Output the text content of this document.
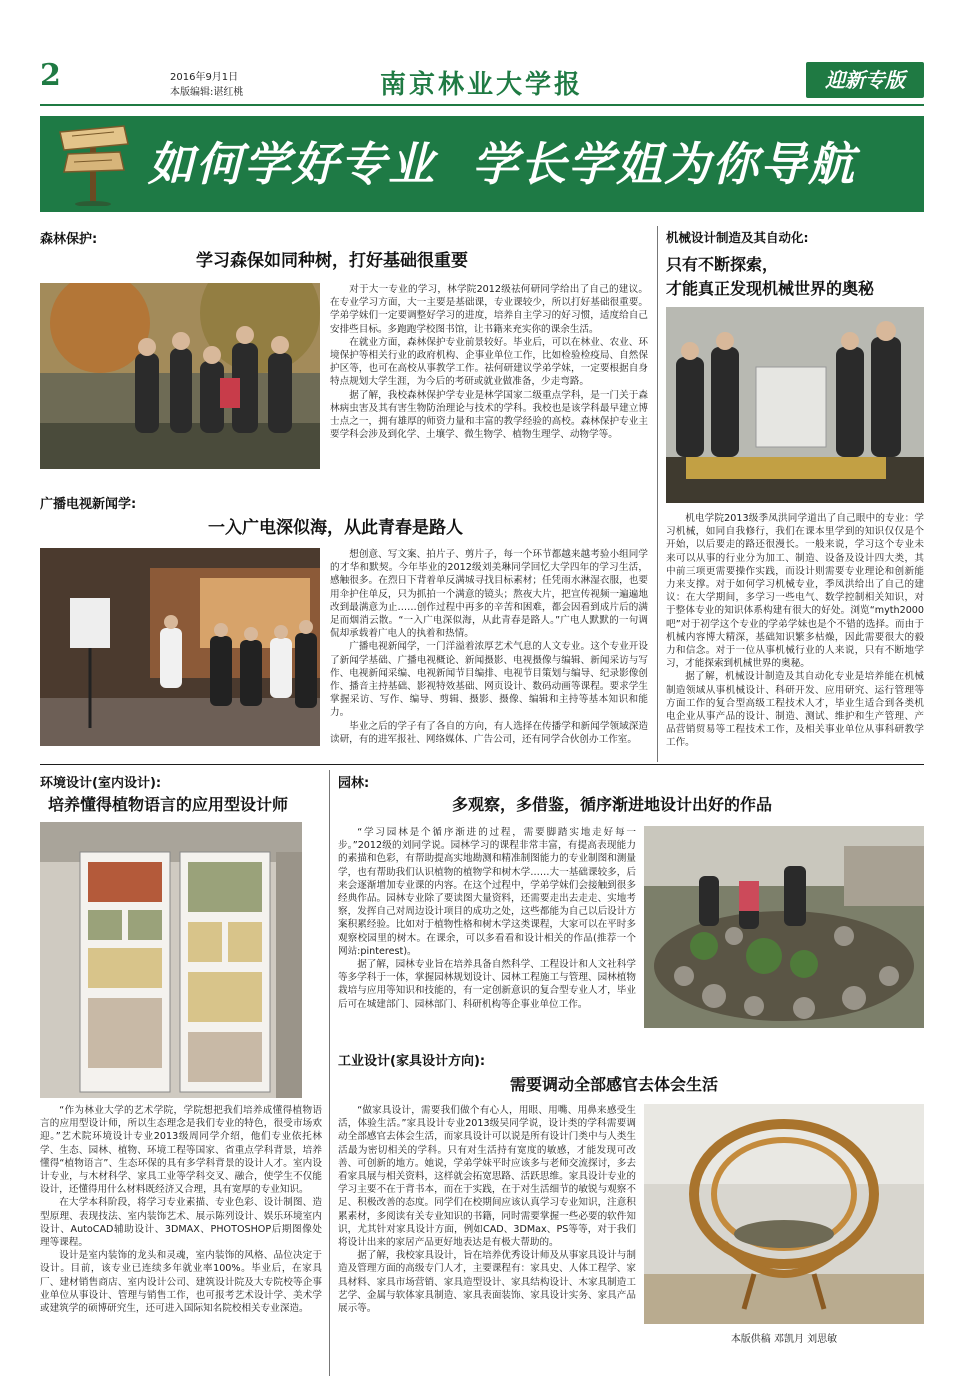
2	2016年9月1日
本版编辑:谌红桃	南京林业大学报	迎新专版
如何学好专业  学长学姐为你导航
森林保护:
学习森保如同种树，打好基础很重要

对于大一专业的学习，林学院2012级祛何研同学给出了自己的建议。在专业学习方面，大一主要是基础课，专业课较少，所以打好基础很重要。学弟学妹们一定要调整好学习的进度，培养自主学习的好习惯，适度给自己安排些目标。多跑跑学校图书馆，让书籍来充实你的课余生活。

在就业方面，森林保护专业前景较好。毕业后，可以在林业、农业、环境保护等相关行业的政府机构、企事业单位工作，比如检验检疫局、自然保护区等，也可在高校从事教学工作。祛何研建议学弟学妹，一定要根据自身特点规划大学生涯，为今后的考研或就业做准备，少走弯路。

据了解，我校森林保护学专业是林学国家二级重点学科，是一门关于森林病虫害及其有害生物防治理论与技术的学科。我校也是该学科最早建立博士点之一，拥有雄厚的师资力量和丰富的教学经验的高校。森林保护专业主要学科会涉及到化学、土壤学、微生物学、植物生理学、动物学等。

广播电视新闻学:
一入广电深似海，从此青春是路人

想创意、写文案、拍片子、剪片子，每一个环节都越来越考验小组同学的才华和默契。今年毕业的2012级刘美琳同学回忆大学四年的学习生活，感触很多。在烈日下背着单反满城寻找目标素材；任凭雨水淋湿衣服，也要用伞护住单反，只为抓拍一个满意的镜头；熬夜大片，把宣传视频一遍遍地改到最满意为止……创作过程中再多的辛苦和困难，都会因看到成片后的满足而烟消云散。“一入广电深似海，从此青春是路人。”广电人默默的一句调侃却承载着广电人的执着和热情。

广播电视新闻学，一门洋溢着浓厚艺术气息的人文专业。这个专业开设了新闻学基础、广播电视概论、新闻摄影、电视摄像与编辑、新闻采访与写作、电视新闻采编、电视新闻节目编排、电视节目策划与编导、纪录影像创作、播音主持基础、影视特效基础、网页设计、数码动画等课程。要求学生掌握采访、写作、编导、剪辑、摄影、摄像、编辑和主持等基本知识和能力。

毕业之后的学子有了各自的方向，有人选择在传播学和新闻学领域深造读研，有的进军报社、网络媒体、广告公司，还有同学合伙创办工作室。

机械设计制造及其自动化:
只有不断探索，
才能真正发现机械世界的奥秘

机电学院2013级季凤洪同学道出了自己眼中的专业：学习机械，如同自我修行，我们在课本里学到的知识仅仅是个开始，以后要走的路还很漫长。一般来说，学习这个专业未来可以从事的行业分为加工、制造、设备及设计四大类，其中前三项更需要操作实践，而设计则需要专业理论和创新能力来支撑。对于如何学习机械专业，季凤洪给出了自己的建议：在大学期间，多学习一些电气、数学控制相关知识，对于整体专业的知识体系构建有很大的好处。浏览“myth2000吧”对于初学这个专业的学弟学妹也是个不错的选择。而由于机械内容博大精深，基础知识繁多枯燥，因此需要很大的毅力和信念。对于一位从事机械行业的人来说，只有不断地学习，才能探索到机械世界的奥秘。

据了解，机械设计制造及其自动化专业是培养能在机械制造领域从事机械设计、科研开发、应用研究、运行管理等方面工作的复合型高级工程技术人才，毕业生适合到各类机电企业从事产品的设计、制造、测试、维护和生产管理、产品营销贸易等工程技术工作，及相关事业单位从事科研教学工作。

环境设计(室内设计):
培养懂得植物语言的应用型设计师

“作为林业大学的艺术学院，学院想把我们培养成懂得植物语言的应用型设计师，所以生态理念是我们专业的特色，很受市场欢迎。”艺术院环境设计专业2013级周同学介绍，他们专业依托林学、生态、园林、植物、环境工程等国家、省重点学科背景，培养懂得“植物语言”、生态环保的具有多学科背景的设计人才。室内设计专业，与木材科学、家具工业等学科交叉、融合，使学生不仅能设计，还懂得用什么材料既经济又合理，具有宽厚的专业知识。

在大学本科阶段，将学习专业素描、专业色彩、设计制图、造型原理、表现技法、室内装饰艺术、展示陈列设计、娱乐环境室内设计、AutoCAD辅助设计、3DMAX、PHOTOSHOP后期图像处理等课程。

设计是室内装饰的龙头和灵魂，室内装饰的风格、品位决定于设计。目前，该专业已连续多年就业率100%。毕业后，在家具厂、建材销售商店、室内设计公司、建筑设计院及大专院校等企事业单位从事设计、管理与销售工作，也可报考艺术设计学、美术学或建筑学的硕博研究生，还可进入国际知名院校相关专业深造。

园林:
多观察，多借鉴，循序渐进地设计出好的作品

“学习园林是个循序渐进的过程，需要脚踏实地走好每一步。”2012级的刘同学说。园林学习的课程非常丰富，有提高表现能力的素描和色彩，有帮助提高实地勘测和精准制图能力的专业制图和测量学，也有帮助我们认识植物的植物学和树木学……大一基础课较多，后来会逐渐增加专业课的内容。在这个过程中，学弟学妹们会接触到很多经典作品。园林专业除了要读图大量资料，还需要走出去走走、实地考察，发挥自己对周边设计项目的成功之处，这些都能为自己以后设计方案积累经验。比如对于植物性格和树木学这类课程，大家可以在平时多观察校园里的树木。在课余，可以多看看和设计相关的作品(推荐一个网站:pinterest)。

据了解，园林专业旨在培养具备自然科学、工程设计和人文社科学等多学科于一体，掌握园林规划设计、园林工程施工与管理、园林植物栽培与应用等知识和技能的，有一定创新意识的复合型专业人才，毕业后可在城建部门、园林部门、科研机构等企事业单位工作。

工业设计(家具设计方向):
需要调动全部感官去体会生活

“做家具设计，需要我们做个有心人，用眼、用嘴、用鼻来感受生活，体验生活。”家具设计专业2013级吴同学说，设计类的学科需要调动全部感官去体会生活，而家具设计可以说是所有设计门类中与人类生活最为密切相关的学科。只有对生活持有宽度的敏感，才能发现可改善、可创新的地方。她说，学弟学妹平时应该多与老师交流探讨，多去看家具展与相关资料，这样就会拓宽思路、活跃思维。家具设计专业的学习主要不在于背书本，而在于实践，在于对生活细节的敏锐与观察不足、积极改善的态度。同学们在校期间应该认真学习专业知识，注意积累素材，多阅读有关专业知识的书籍，同时需要掌握一些必要的软件知识，尤其针对家具设计方面，例如CAD、3DMax、PS等等，对于我们将设计出来的家居产品更好地表达是有极大帮助的。

据了解，我校家具设计，旨在培养优秀设计师及从事家具设计与制造及管理方面的高级专门人才，主要课程有：家具史、人体工程学、家具材料、家具市场营销、家具造型设计、家具结构设计、木家具制造工艺学、金属与软体家具制造、家具表面装饰、家具设计实务、家具产品展示等。

本版供稿 邓凯月 刘思敏
